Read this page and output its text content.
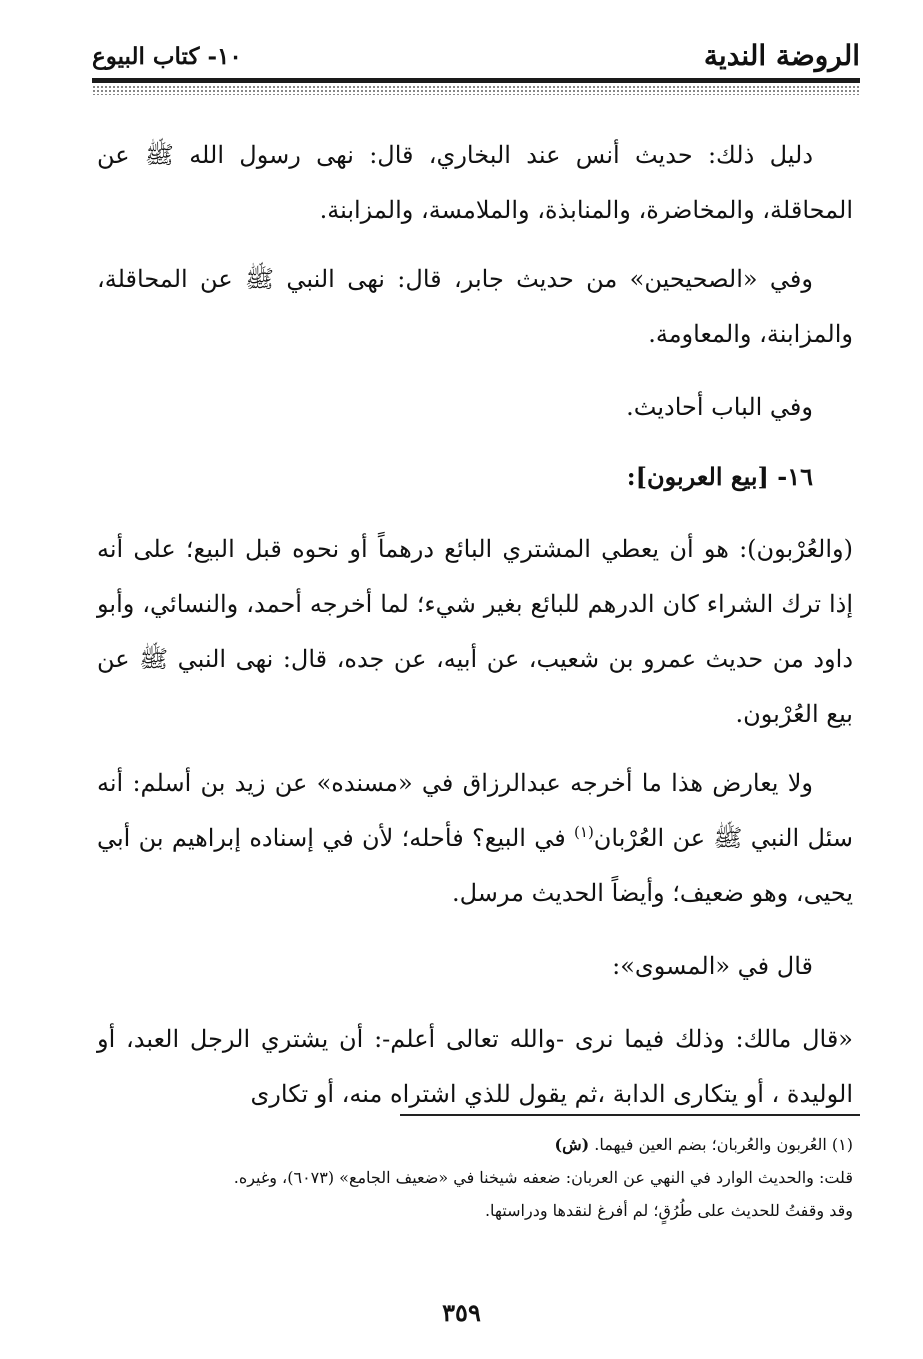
الروضة الندية
١٠- كتاب البيوع

دليل ذلك: حديث أنس عند البخاري، قال: نهى رسول الله ﷺ عن المحاقلة، والمخاضرة، والمنابذة، والملامسة، والمزابنة.

وفي «الصحيحين» من حديث جابر، قال: نهى النبي ﷺ عن المحاقلة، والمزابنة، والمعاومة.

وفي الباب أحاديث.

١٦- [بيع العربون]:

(والعُرْبون): هو أن يعطي المشتري البائع درهماً أو نحوه قبل البيع؛ على أنه إذا ترك الشراء كان الدرهم للبائع بغير شيء؛ لما أخرجه أحمد، والنسائي، وأبو داود من حديث عمرو بن شعيب، عن أبيه، عن جده، قال: نهى النبي ﷺ عن بيع العُرْبون.

ولا يعارض هذا ما أخرجه عبدالرزاق في «مسنده» عن زيد بن أسلم: أنه سئل النبي ﷺ عن العُرْبان$^{(١)}$ في البيع؟ فأحله؛ لأن في إسناده إبراهيم بن أبي يحيى، وهو ضعيف؛ وأيضاً الحديث مرسل.

قال في «المسوى»:

«قال مالك: وذلك فيما نرى -والله تعالى أعلم-: أن يشتري الرجل العبد، أو الوليدة ، أو يتكارى الدابة ،ثم يقول للذي اشتراه منه، أو تكارى

(١) العُربون والعُربان؛ بضم العين فيهما. (ش)

قلت: والحديث الوارد في النهي عن العربان: ضعفه شيخنا في «ضعيف الجامع» (٦٠٧٣)، وغيره.

وقد وقفتُ للحديث على طُرُقٍ؛ لم أفرغ لنقدها ودراستها.

٣٥٩
